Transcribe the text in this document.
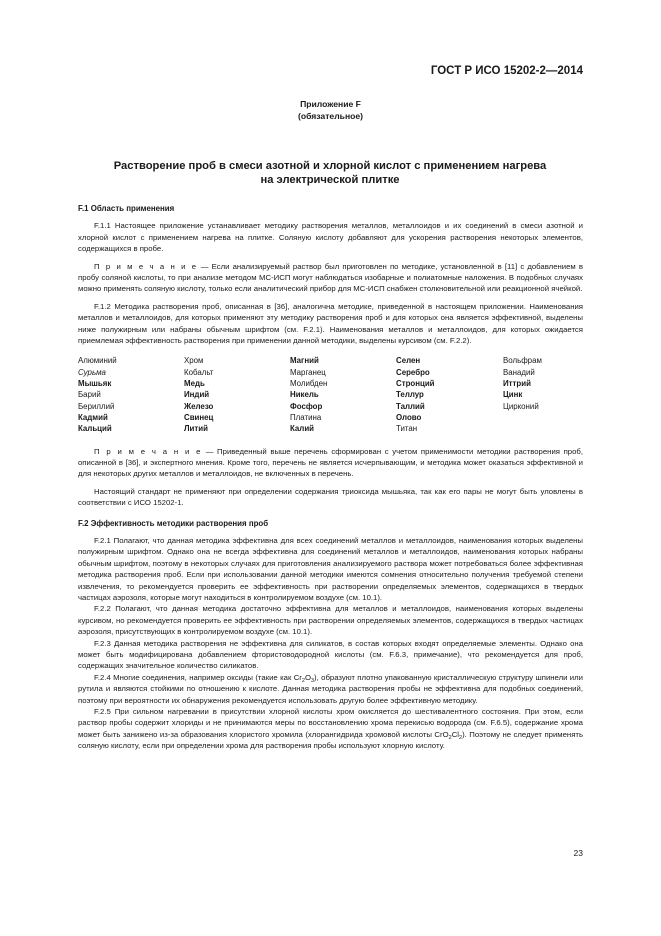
ГОСТ Р ИСО 15202-2—2014
Приложение F
(обязательное)
Растворение проб в смеси азотной и хлорной кислот с применением нагрева
на электрической плитке
F.1 Область применения

F.1.1 Настоящее приложение устанавливает методику растворения металлов, металлоидов и их соединений в смеси азотной и хлорной кислот с применением нагрева на плитке. Соляную кислоту добавляют для ускорения растворения некоторых элементов, содержащихся в пробе.

П р и м е ч а н и е — Если анализируемый раствор был приготовлен по методике, установленной в [11] с добавлением в пробу соляной кислоты, то при анализе методом МС-ИСП могут наблюдаться изобарные и полиатомные наложения. В подобных случаях можно применять соляную кислоту, только если аналитический прибор для МС-ИСП снабжен столкновительной или реакционной ячейкой.

F.1.2 Методика растворения проб, описанная в [36], аналогична методике, приведенной в настоящем приложении. Наименования металлов и металлоидов, для которых применяют эту методику растворения проб и для которых она является эффективной, выделены ниже полужирным или набраны обычным шрифтом (см. F.2.1). Наименования металлов и металлоидов, для которых ожидается приемлемая эффективность растворения при применении данной методики, выделены курсивом (см. F.2.2).

Алюминий	Хром	Магний	Селен	Вольфрам
Сурьма	Кобальт	Марганец	Серебро	Ванадий
Мышьяк	Медь	Молибден	Стронций	Иттрий
Барий	Индий	Никель	Теллур	Цинк
Бериллий	Железо	Фосфор	Таллий	Цирконий
Кадмий	Свинец	Платина	Олово
Кальций	Литий	Калий	Титан

П р и м е ч а н и е — Приведенный выше перечень сформирован с учетом применимости методики растворения проб, описанной в [36], и экспертного мнения. Кроме того, перечень не является исчерпывающим, и методика может оказаться эффективной и для некоторых других металлов и металлоидов, не включенных в перечень.

Настоящий стандарт не применяют при определении содержания триоксида мышьяка, так как его пары не могут быть уловлены в соответствии с ИСО 15202-1.

F.2 Эффективность методики растворения проб

F.2.1 Полагают, что данная методика эффективна для всех соединений металлов и металлоидов, наименования которых выделены полужирным шрифтом. Однако она не всегда эффективна для соединений металлов и металлоидов, наименования которых набраны обычным шрифтом, поэтому в некоторых случаях для приготовления анализируемого раствора может потребоваться более эффективная методика растворения проб. Если при использовании данной методики имеются сомнения относительно получения требуемой степени извлечения, то рекомендуется проверить ее эффективность при растворении определяемых элементов, содержащихся в твердых частицах аэрозоля, которые могут находиться в контролируемом воздухе (см. 10.1).

F.2.2 Полагают, что данная методика достаточно эффективна для металлов и металлоидов, наименования которых выделены курсивом, но рекомендуется проверить ее эффективность при растворении определяемых элементов, содержащихся в твердых частицах аэрозоля, присутствующих в контролируемом воздухе (см. 10.1).

F.2.3 Данная методика растворения не эффективна для силикатов, в состав которых входят определяемые элементы. Однако она может быть модифицирована добавлением фтористоводородной кислоты (см. F.6.3, примечание), что рекомендуется для проб, содержащих значительное количество силикатов.

F.2.4 Многие соединения, например оксиды (такие как $Cr_2O_3$), образуют плотно упакованную кристаллическую структуру шпинели или рутила и являются стойкими по отношению к кислоте. Данная методика растворения пробы не эффективна для подобных соединений, поэтому при вероятности их обнаружения рекомендуется использовать другую более эффективную методику.

F.2.5 При сильном нагревании в присутствии хлорной кислоты хром окисляется до шестивалентного состояния. При этом, если раствор пробы содержит хлориды и не принимаются меры по восстановлению хрома перекисью водорода (см. F.6.5), содержание хрома может быть занижено из-за образования хлористого хромила (хлорангидрида хромовой кислоты $CrO_2Cl_2$). Поэтому не следует применять соляную кислоту, если при определении хрома для растворения пробы используют хлорную кислоту.

23
